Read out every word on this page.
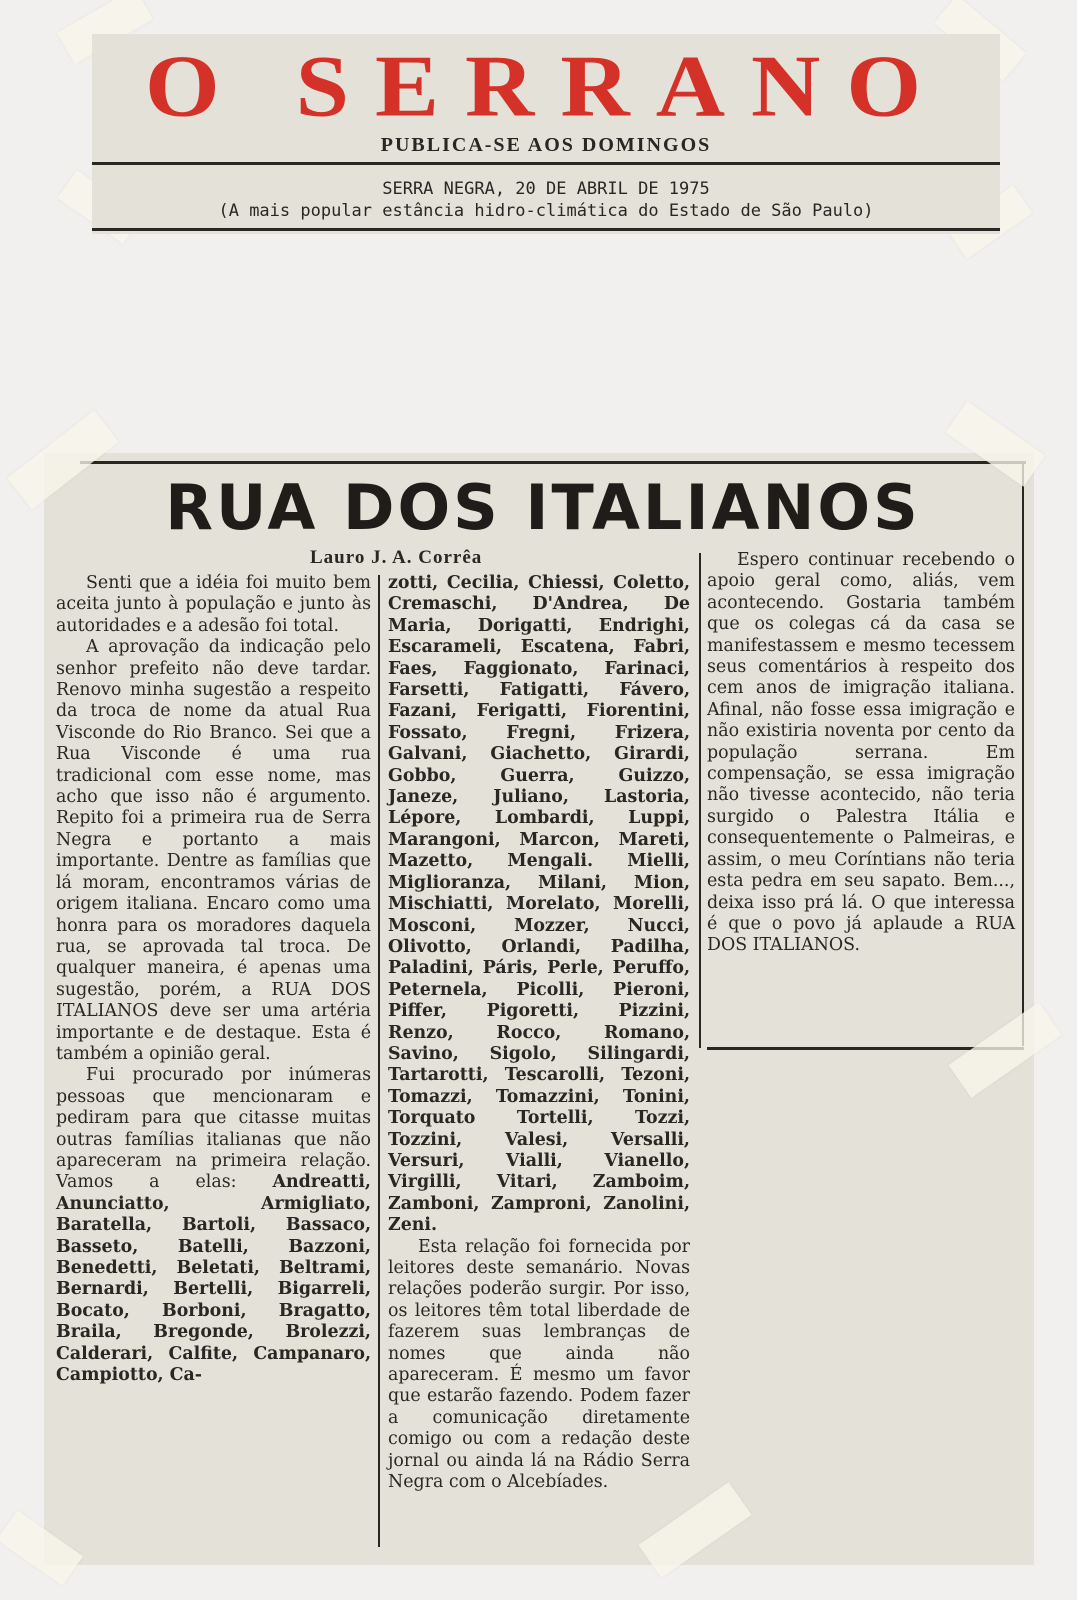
O SERRANO
PUBLICA-SE AOS DOMINGOS
SERRA NEGRA, 20 DE ABRIL DE 1975
(A mais popular estância hidro-climática do Estado de São Paulo)
RUA DOS ITALIANOS
Lauro J. A. Corrêa

Senti que a idéia foi muito bem aceita junto à população e junto às autoridades e a adesão foi total.

A aprovação da indicação pelo senhor prefeito não deve tardar. Renovo minha sugestão a respeito da troca de nome da atual Rua Visconde do Rio Branco. Sei que a Rua Visconde é uma rua tradicional com esse nome, mas acho que isso não é argumento. Repito foi a primeira rua de Serra Negra e portanto a mais importante. Dentre as famílias que lá moram, encontramos várias de origem italiana. Encaro como uma honra para os moradores daquela rua, se aprovada tal troca. De qualquer maneira, é apenas uma sugestão, porém, a RUA DOS ITALIANOS deve ser uma artéria importante e de destaque. Esta é também a opinião geral.

Fui procurado por inúmeras pessoas que mencionaram e pediram para que citasse muitas outras famílias italianas que não apareceram na primeira relação. Vamos a elas: Andreatti, Anunciatto, Armigliato, Baratella, Bartoli, Bassaco, Basseto, Batelli, Bazzoni, Benedetti, Beletati, Beltrami, Bernardi, Bertelli, Bigarreli, Bocato, Borboni, Bragatto, Braila, Bregonde, Brolezzi, Calderari, Calfite, Campanaro, Campiotto, Ca-

zotti, Cecilia, Chiessi, Coletto, Cremaschi, D'Andrea, De Maria, Dorigatti, Endrighi, Escarameli, Escatena, Fabri, Faes, Faggionato, Farinaci, Farsetti, Fatigatti, Fávero, Fazani, Ferigatti, Fiorentini, Fossato, Fregni, Frizera, Galvani, Giachetto, Girardi, Gobbo, Guerra, Guizzo, Janeze, Juliano, Lastoria, Lépore, Lombardi, Luppi, Marangoni, Marcon, Mareti, Mazetto, Mengali. Mielli, Miglioranza, Milani, Mion, Mischiatti, Morelato, Morelli, Mosconi, Mozzer, Nucci, Olivotto, Orlandi, Padilha, Paladini, Páris, Perle, Peruffo, Peternela, Picolli, Pieroni, Piffer, Pigoretti, Pizzini, Renzo, Rocco, Romano, Savino, Sigolo, Silingardi, Tartarotti, Tescarolli, Tezoni, Tomazzi, Tomazzini, Tonini, Torquato Tortelli, Tozzi, Tozzini, Valesi, Versalli, Versuri, Vialli, Vianello, Virgilli, Vitari, Zamboim, Zamboni, Zamproni, Zanolini, Zeni.

Esta relação foi fornecida por leitores deste semanário. Novas relações poderão surgir. Por isso, os leitores têm total liberdade de fazerem suas lembranças de nomes que ainda não apareceram. É mesmo um favor que estarão fazendo. Podem fazer a comunicação diretamente comigo ou com a redação deste jornal ou ainda lá na Rádio Serra Negra com o Alcebíades.

Espero continuar recebendo o apoio geral como, aliás, vem acontecendo. Gostaria também que os colegas cá da casa se manifestassem e mesmo tecessem seus comentários à respeito dos cem anos de imigração italiana. Afinal, não fosse essa imigração e não existiria noventa por cento da população serrana. Em compensação, se essa imigração não tivesse acontecido, não teria surgido o Palestra Itália e consequentemente o Palmeiras, e assim, o meu Coríntians não teria esta pedra em seu sapato. Bem..., deixa isso prá lá. O que interessa é que o povo já aplaude a RUA DOS ITALIANOS.
